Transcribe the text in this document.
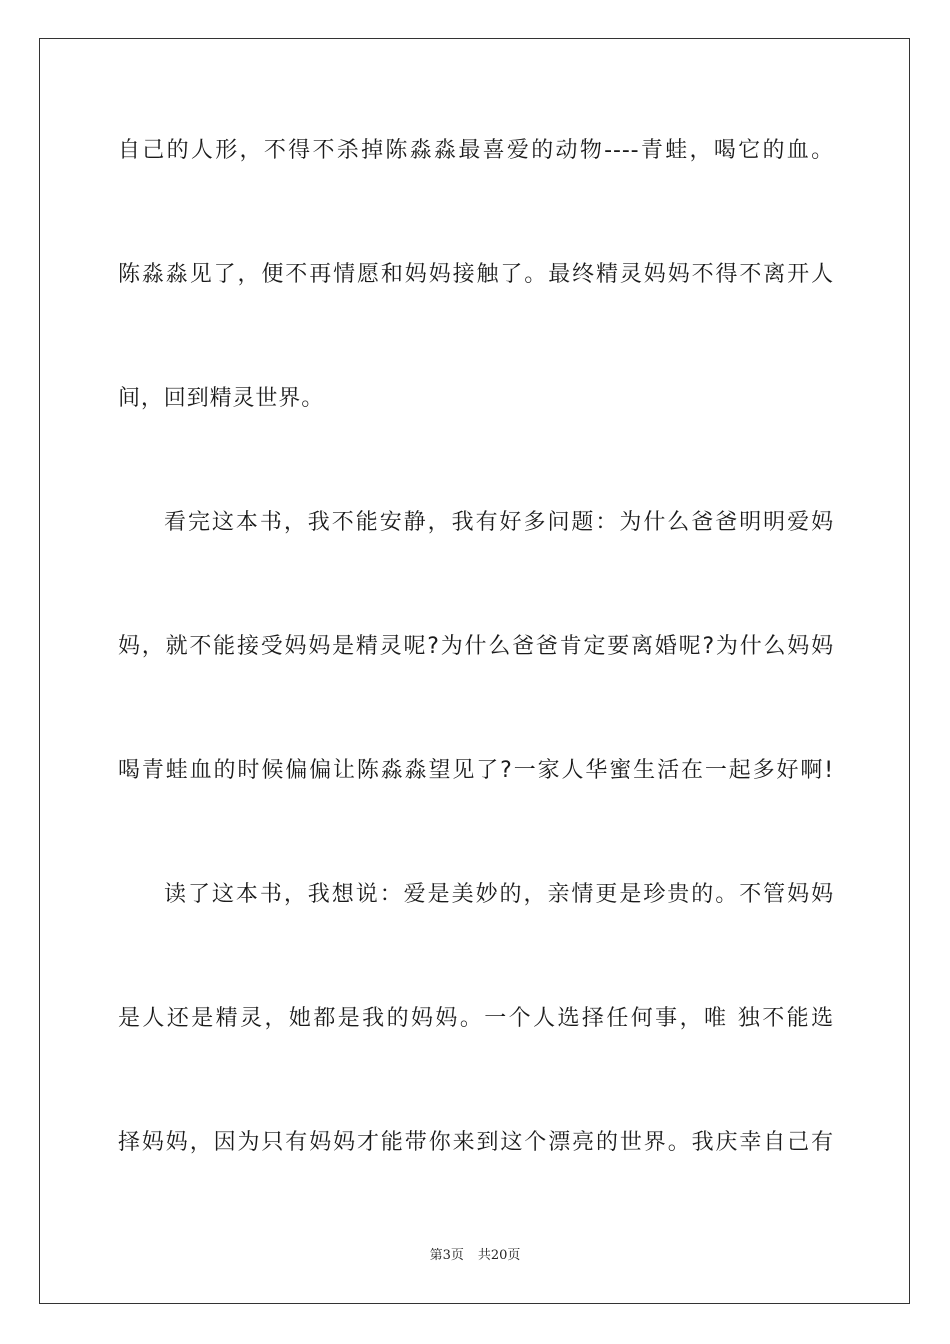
自己的人形，不得不杀掉陈淼淼最喜爱的动物----青蛙，喝它的血。
陈淼淼见了，便不再情愿和妈妈接触了。最终精灵妈妈不得不离开人
间，回到精灵世界。
看完这本书，我不能安静，我有好多问题：为什么爸爸明明爱妈
妈，就不能接受妈妈是精灵呢?为什么爸爸肯定要离婚呢?为什么妈妈
喝青蛙血的时候偏偏让陈淼淼望见了?一家人华蜜生活在一起多好啊!
读了这本书，我想说：爱是美妙的，亲情更是珍贵的。不管妈妈
是人还是精灵，她都是我的妈妈。一个人选择任何事，唯 独不能选
择妈妈，因为只有妈妈才能带你来到这个漂亮的世界。我庆幸自己有
第3页 共20页
